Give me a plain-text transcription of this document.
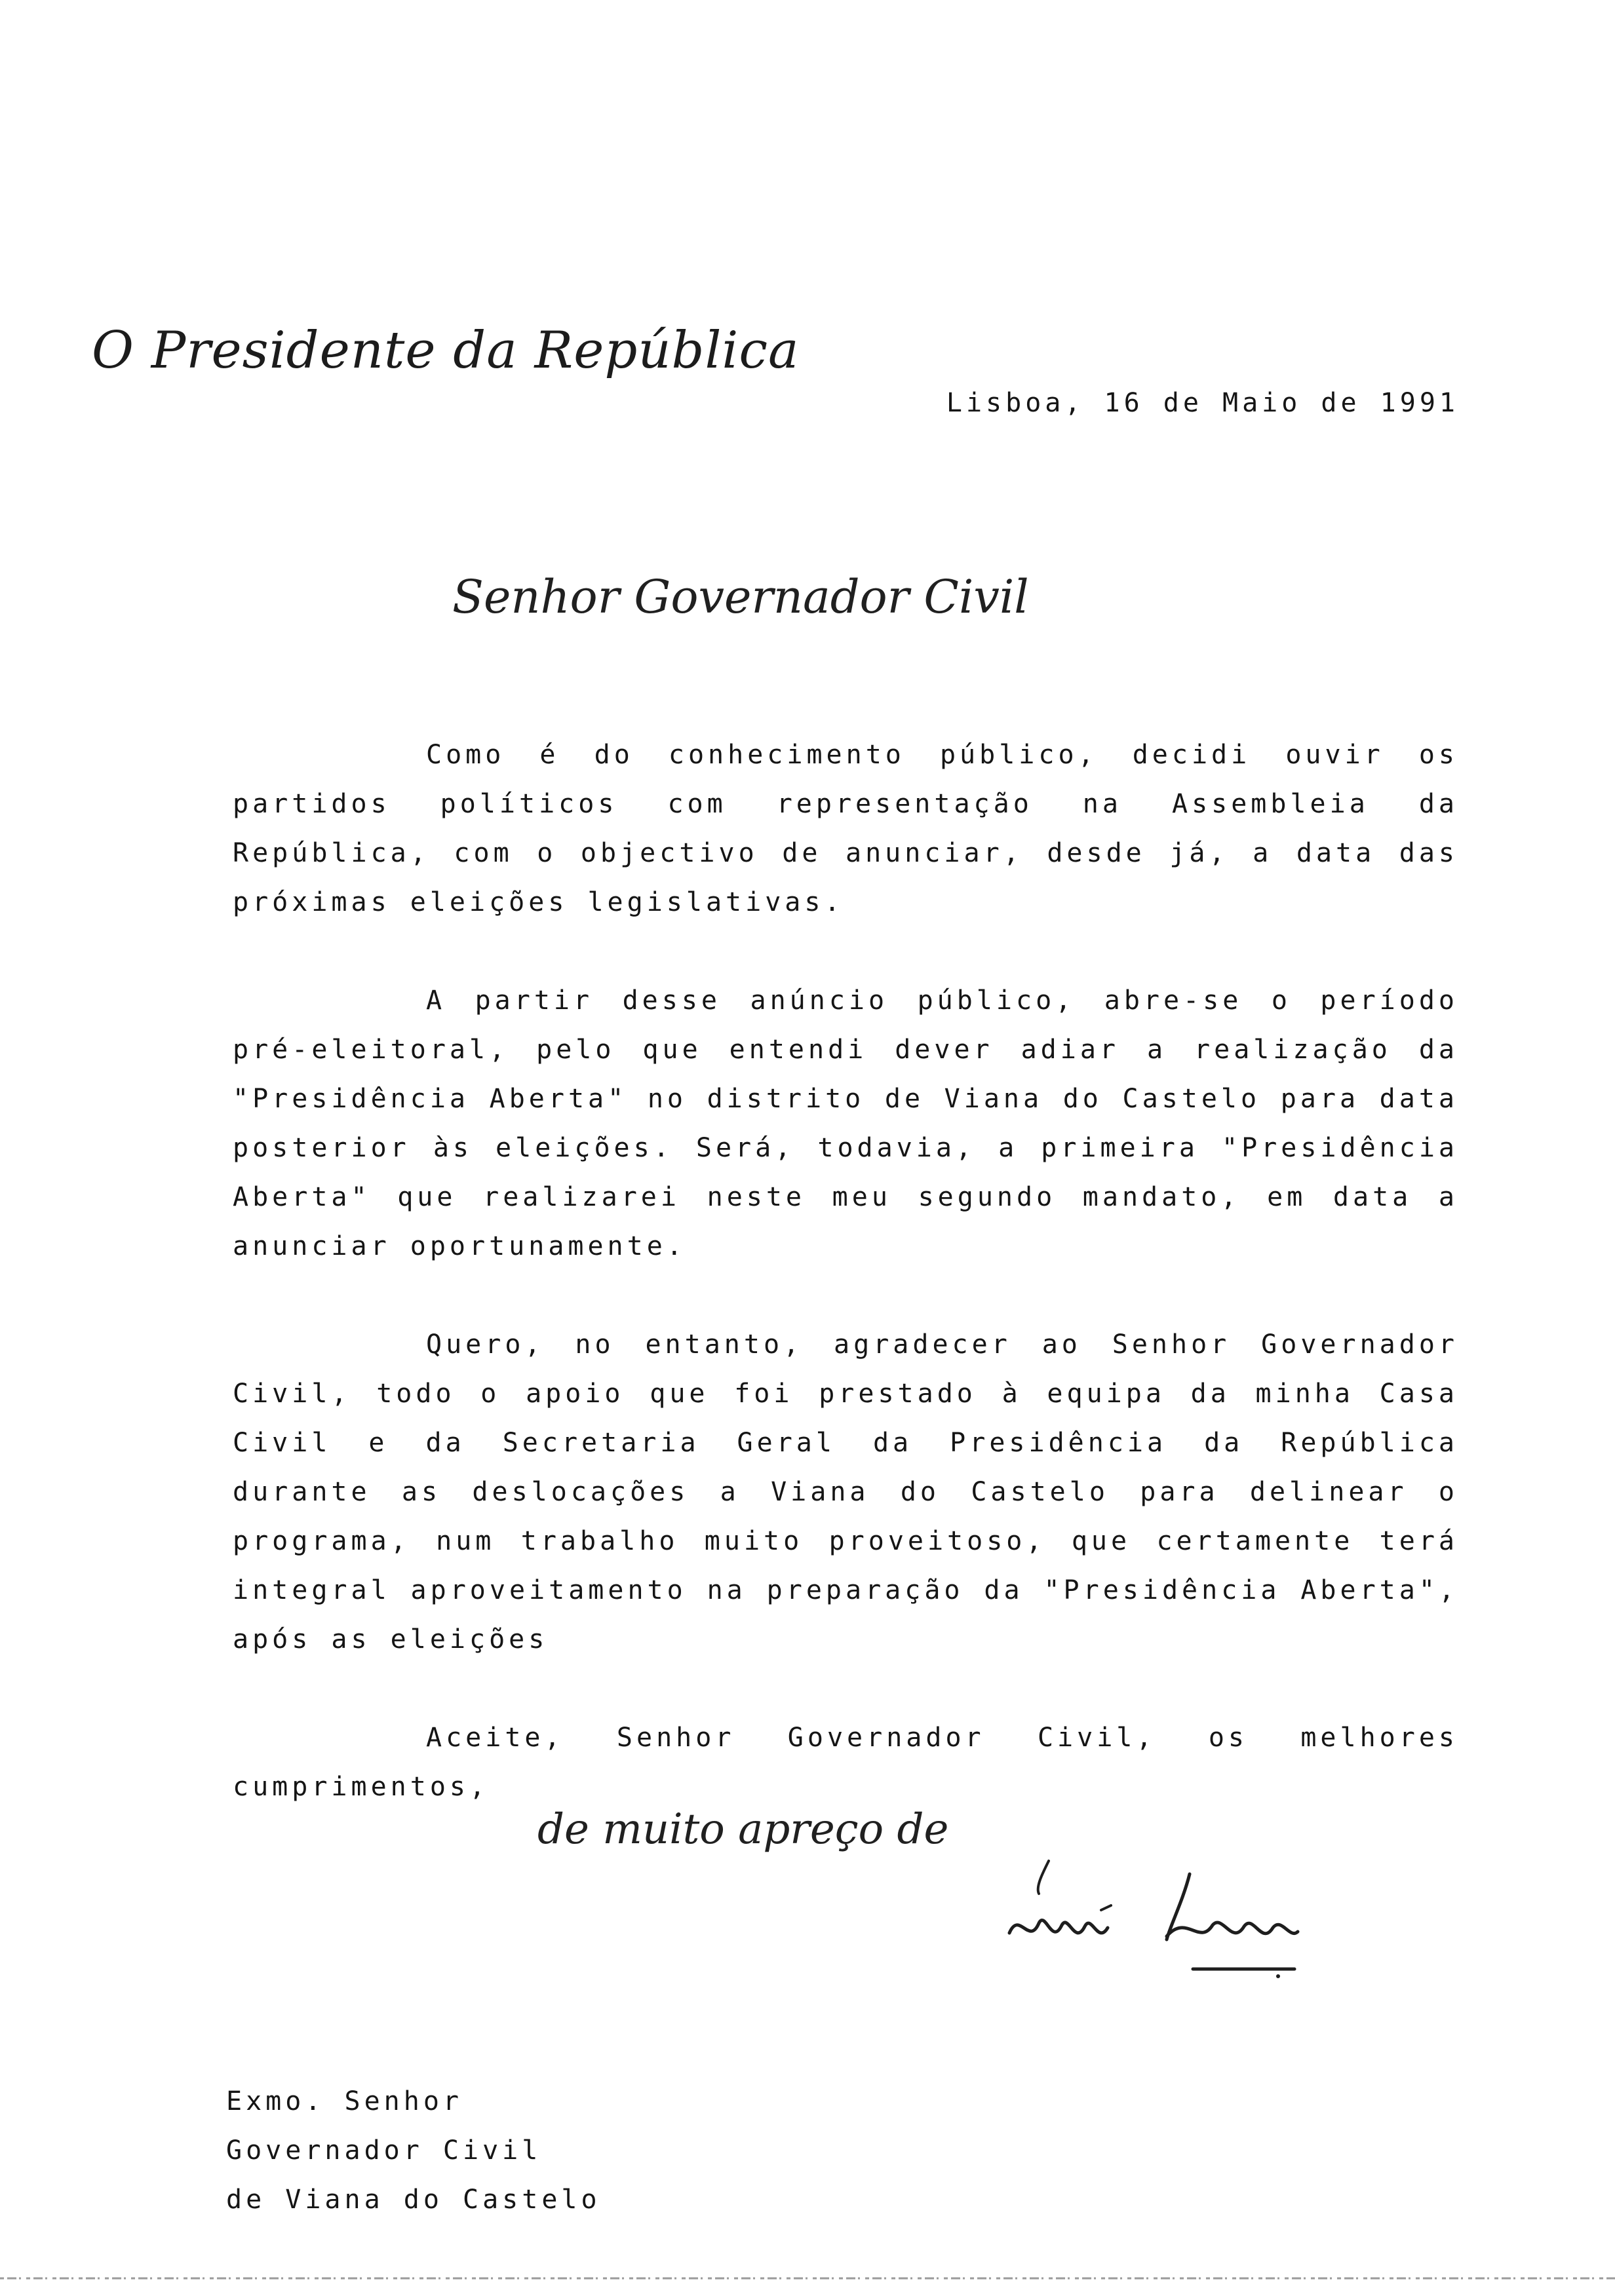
O Presidente da República
Lisboa, 16 de Maio de 1991
Senhor Governador Civil

Como é do conhecimento público, decidi ouvir os partidos políticos com representação na Assembleia da República, com o objectivo de anunciar, desde já, a data das próximas eleições legislativas.

A partir desse anúncio público, abre-se o período pré-eleitoral, pelo que entendi dever adiar a realização da "Presidência Aberta" no distrito de Viana do Castelo para data posterior às eleições. Será, todavia, a primeira "Presidência Aberta" que realizarei neste meu segundo mandato, em data a anunciar oportunamente.

Quero, no entanto, agradecer ao Senhor Governador Civil, todo o apoio que foi prestado à equipa da minha Casa Civil e da Secretaria Geral da Presidência da República durante as deslocações a Viana do Castelo para delinear o programa, num trabalho muito proveitoso, que certamente terá integral aproveitamento na preparação da "Presidência Aberta", após as eleições

Aceite, Senhor Governador Civil, os melhores cumprimentos,

de muito apreço de
Exmo. Senhor
Governador Civil
de Viana do Castelo
